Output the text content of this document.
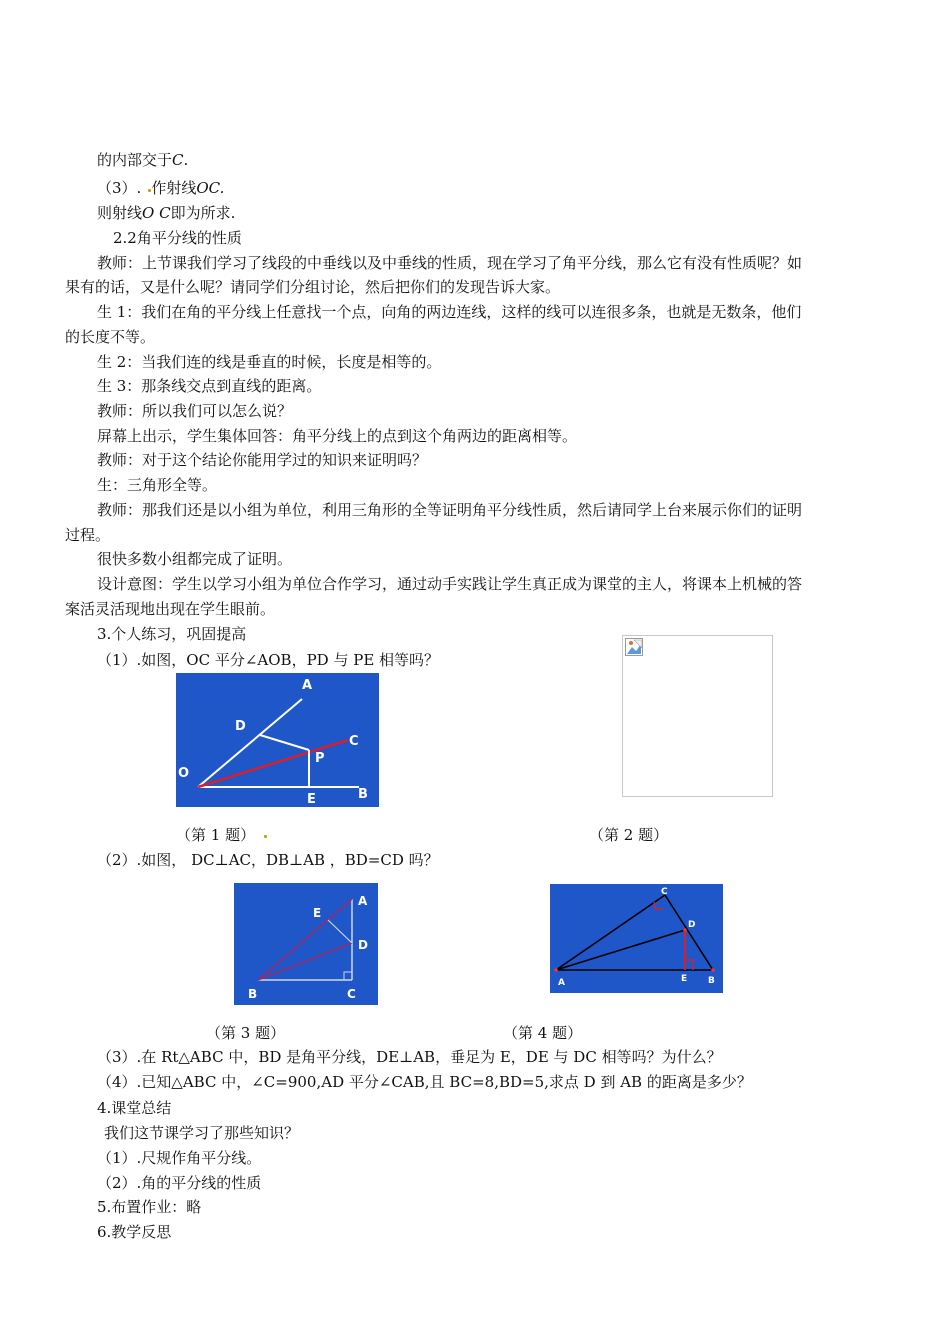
的内部交于C.
（3）. 作射线OC.
则射线O C即为所求.
2.2角平分线的性质
教师：上节课我们学习了线段的中垂线以及中垂线的性质，现在学习了角平分线，那么它有没有性质呢？如
果有的话，又是什么呢？请同学们分组讨论，然后把你们的发现告诉大家。
生 1：我们在角的平分线上任意找一个点，向角的两边连线，这样的线可以连很多条，也就是无数条，他们
的长度不等。
生 2：当我们连的线是垂直的时候，长度是相等的。
生 3：那条线交点到直线的距离。
教师：所以我们可以怎么说？
屏幕上出示，学生集体回答：角平分线上的点到这个角两边的距离相等。
教师：对于这个结论你能用学过的知识来证明吗？
生：三角形全等。
教师：那我们还是以小组为单位，利用三角形的全等证明角平分线性质，然后请同学上台来展示你们的证明
过程。
很快多数小组都完成了证明。
设计意图：学生以学习小组为单位合作学习，通过动手实践让学生真正成为课堂的主人，将课本上机械的答
案活灵活现地出现在学生眼前。
3.个人练习，巩固提高
（1）.如图，OC 平分∠AOB，PD 与 PE 相等吗？
A
B
C
D
E
O
P
（第 1 题）	（第 2 题）
（2）.如图， DC⊥AC，DB⊥AB ，BD=CD 吗？
A
B	C
D
E
A	B
C
D
E
（第 3 题）	（第 4 题）
（3）.在 Rt△ABC 中，BD 是角平分线，DE⊥AB，垂足为 E，DE 与 DC 相等吗？为什么？
（4）.已知△ABC 中，∠C=900,AD 平分∠CAB,且 BC=8,BD=5,求点 D 到 AB 的距离是多少？
4.课堂总结
我们这节课学习了那些知识？
（1）.尺规作角平分线。
（2）.角的平分线的性质
5.布置作业：略
6.教学反思
